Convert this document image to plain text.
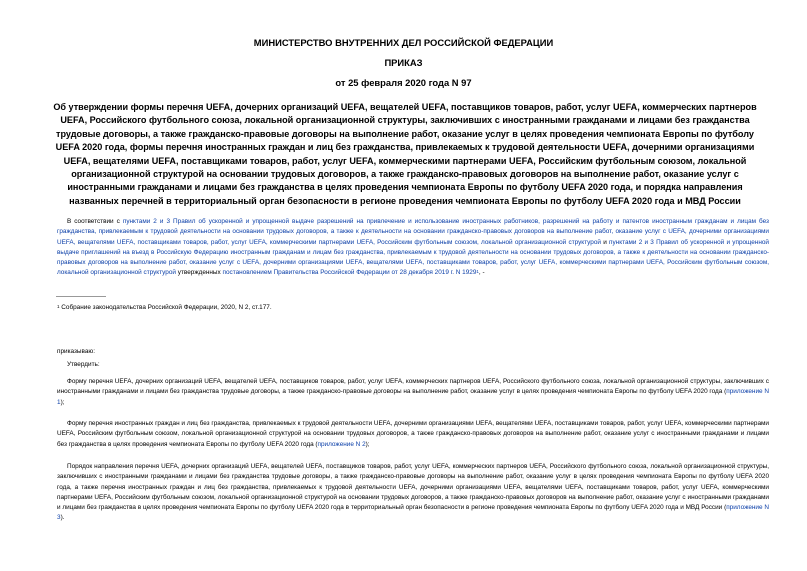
МИНИСТЕРСТВО ВНУТРЕННИХ ДЕЛ РОССИЙСКОЙ ФЕДЕРАЦИИ
ПРИКАЗ
от 25 февраля 2020 года N 97
Об утверждении формы перечня UEFA, дочерних организаций UEFA, вещателей UEFA, поставщиков товаров, работ, услуг UEFA, коммерческих партнеров UEFA, Российского футбольного союза, локальной организационной структуры, заключивших с иностранными гражданами и лицами без гражданства трудовые договоры, а также гражданско-правовые договоры на выполнение работ, оказание услуг в целях проведения чемпионата Европы по футболу UEFA 2020 года, формы перечня иностранных граждан и лиц без гражданства, привлекаемых к трудовой деятельности UEFA, дочерними организациями UEFA, вещателями UEFA, поставщиками товаров, работ, услуг UEFA, коммерческими партнерами UEFA, Российским футбольным союзом, локальной организационной структурой на основании трудовых договоров, а также гражданско-правовых договоров на выполнение работ, оказание услуг с иностранными гражданами и лицами без гражданства в целях проведения чемпионата Европы по футболу UEFA 2020 года, и порядка направления названных перечней в территориальный орган безопасности в регионе проведения чемпионата Европы по футболу UEFA 2020 года и МВД России
В соответствии с пунктами 2 и 3 Правил об ускоренной и упрощенной выдаче разрешений на привлечение и использование иностранных работников, разрешений на работу и патентов иностранным гражданам и лицам без гражданства, привлекаемым к трудовой деятельности на основании трудовых договоров, а также к деятельности на основании гражданско-правовых договоров на выполнение работ, оказание услуг с UEFA, дочерними организациями UEFA, вещателями UEFA, поставщиками товаров, работ, услуг UEFA, коммерческими партнерами UEFA, Российским футбольным союзом, локальной организационной структурой и пунктами 2 и 3 Правил об ускоренной и упрощенной выдаче приглашений на въезд в Российскую Федерацию иностранным гражданам и лицам без гражданства, привлекаемым к трудовой деятельности на основании трудовых договоров, а также к деятельности на основании гражданско-правовых договоров на выполнение работ, оказание услуг с UEFA, дочерними организациями UEFA, вещателями UEFA, поставщиками товаров, работ, услуг UEFA, коммерческими партнерами UEFA, Российским футбольным союзом, локальной организационной структурой утвержденных постановлением Правительства Российской Федерации от 28 декабря 2019 г. N 1929$^1$, -
$^1$ Собрание законодательства Российской Федерации, 2020, N 2, ст.177.
приказываю:
Утвердить:
Форму перечня UEFA, дочерних организаций UEFA, вещателей UEFA, поставщиков товаров, работ, услуг UEFA, коммерческих партнеров UEFA, Российского футбольного союза, локальной организационной структуры, заключивших с иностранными гражданами и лицами без гражданства трудовые договоры, а также гражданско-правовые договоры на выполнение работ, оказание услуг в целях проведения чемпионата Европы по футболу UEFA 2020 года (приложение N 1);
Форму перечня иностранных граждан и лиц без гражданства, привлекаемых к трудовой деятельности UEFA, дочерними организациями UEFA, вещателями UEFA, поставщиками товаров, работ, услуг UEFA, коммерческими партнерами UEFA, Российским футбольным союзом, локальной организационной структурой на основании трудовых договоров, а также гражданско-правовых договоров на выполнение работ, оказание услуг с иностранными гражданами и лицами без гражданства в целях проведения чемпионата Европы по футболу UEFA 2020 года (приложение N 2);
Порядок направления перечня UEFA, дочерних организаций UEFA, вещателей UEFA, поставщиков товаров, работ, услуг UEFA, коммерческих партнеров UEFA, Российского футбольного союза, локальной организационной структуры, заключивших с иностранными гражданами и лицами без гражданства трудовые договоры, а также гражданско-правовые договоры на выполнение работ, оказание услуг в целях проведения чемпионата Европы по футболу UEFA 2020 года, а также перечня иностранных граждан и лиц без гражданства, привлекаемых к трудовой деятельности UEFA, дочерними организациями UEFA, вещателями UEFA, поставщиками товаров, работ, услуг UEFA, коммерческими партнерами UEFA, Российским футбольным союзом, локальной организационной структурой на основании трудовых договоров, а также гражданско-правовых договоров на выполнение работ, оказание услуг с иностранными гражданами и лицами без гражданства в целях проведения чемпионата Европы по футболу UEFA 2020 года в территориальный орган безопасности в регионе проведения чемпионата Европы по футболу UEFA 2020 года и МВД России (приложение N 3).
